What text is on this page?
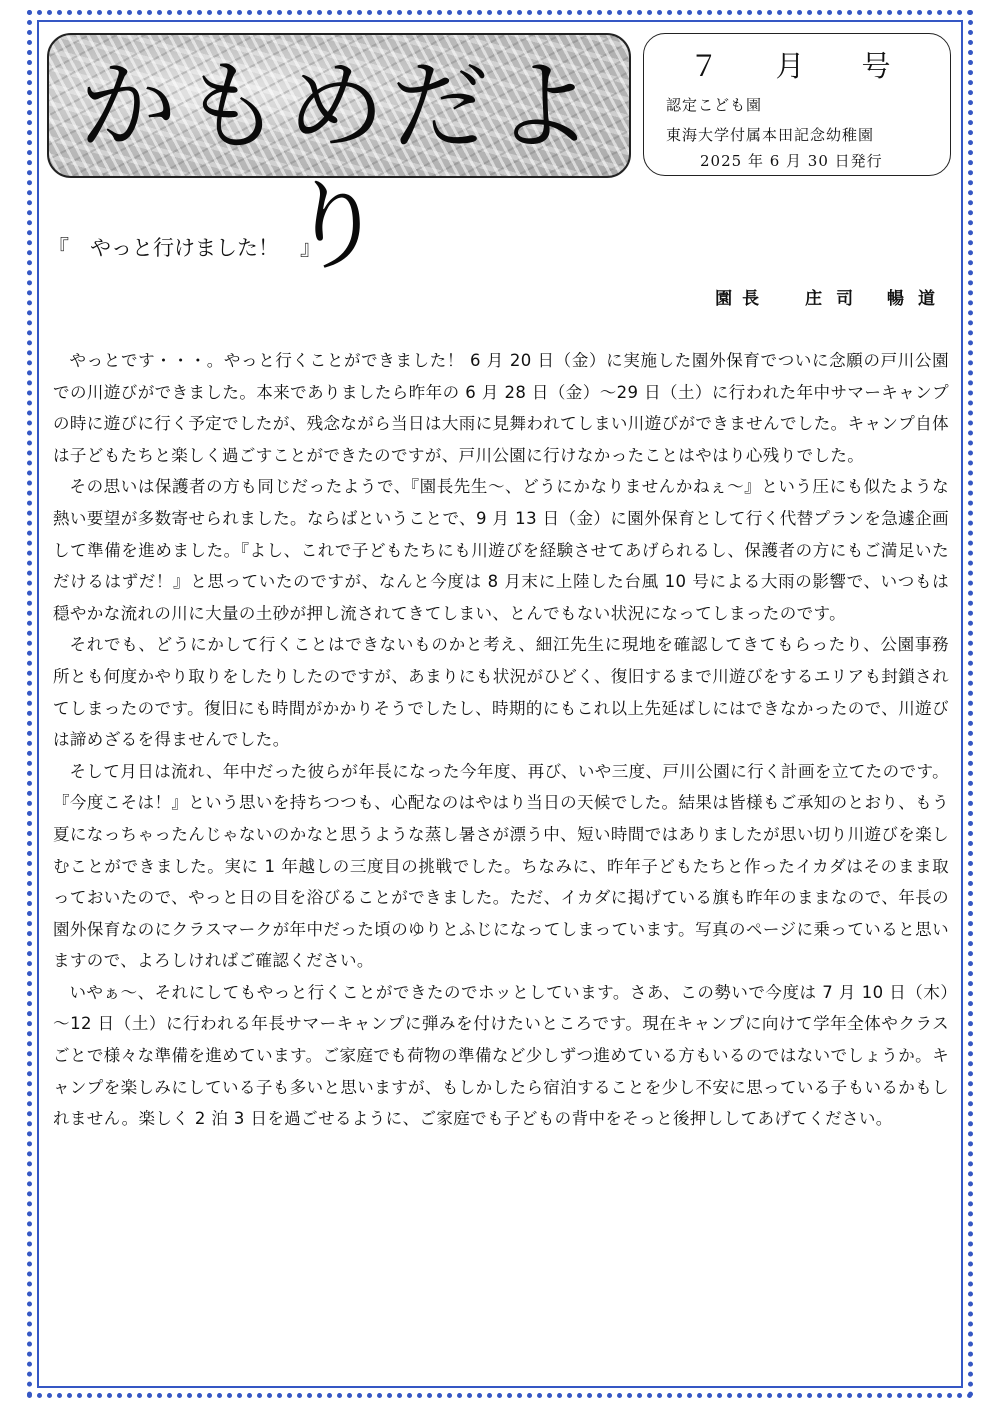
かもめだより
７　月　号
認定こども園
東海大学付属本田記念幼稚園
2025 年 6 月 30 日発行
『　やっと行けました！　』
園長 庄司 暢道

やっとです・・・。やっと行くことができました！ 6 月 20 日（金）に実施した園外保育でついに念願の戸川公園での川遊びができました。本来でありましたら昨年の 6 月 28 日（金）～29 日（土）に行われた年中サマーキャンプの時に遊びに行く予定でしたが、残念ながら当日は大雨に見舞われてしまい川遊びができませんでした。キャンプ自体は子どもたちと楽しく過ごすことができたのですが、戸川公園に行けなかったことはやはり心残りでした。

その思いは保護者の方も同じだったようで、『園長先生～、どうにかなりませんかねぇ～』という圧にも似たような熱い要望が多数寄せられました。ならばということで、9 月 13 日（金）に園外保育として行く代替プランを急遽企画して準備を進めました。『よし、これで子どもたちにも川遊びを経験させてあげられるし、保護者の方にもご満足いただけるはずだ！』と思っていたのですが、なんと今度は 8 月末に上陸した台風 10 号による大雨の影響で、いつもは穏やかな流れの川に大量の土砂が押し流されてきてしまい、とんでもない状況になってしまったのです。

それでも、どうにかして行くことはできないものかと考え、細江先生に現地を確認してきてもらったり、公園事務所とも何度かやり取りをしたりしたのですが、あまりにも状況がひどく、復旧するまで川遊びをするエリアも封鎖されてしまったのです。復旧にも時間がかかりそうでしたし、時期的にもこれ以上先延ばしにはできなかったので、川遊びは諦めざるを得ませんでした。

そして月日は流れ、年中だった彼らが年長になった今年度、再び、いや三度、戸川公園に行く計画を立てたのです。『今度こそは！』という思いを持ちつつも、心配なのはやはり当日の天候でした。結果は皆様もご承知のとおり、もう夏になっちゃったんじゃないのかなと思うような蒸し暑さが漂う中、短い時間ではありましたが思い切り川遊びを楽しむことができました。実に 1 年越しの三度目の挑戦でした。ちなみに、昨年子どもたちと作ったイカダはそのまま取っておいたので、やっと日の目を浴びることができました。ただ、イカダに掲げている旗も昨年のままなので、年長の園外保育なのにクラスマークが年中だった頃のゆりとふじになってしまっています。写真のページに乗っていると思いますので、よろしければご確認ください。

いやぁ～、それにしてもやっと行くことができたのでホッとしています。さあ、この勢いで今度は 7 月 10 日（木）～12 日（土）に行われる年長サマーキャンプに弾みを付けたいところです。現在キャンプに向けて学年全体やクラスごとで様々な準備を進めています。ご家庭でも荷物の準備など少しずつ進めている方もいるのではないでしょうか。キャンプを楽しみにしている子も多いと思いますが、もしかしたら宿泊することを少し不安に思っている子もいるかもしれません。楽しく 2 泊 3 日を過ごせるように、ご家庭でも子どもの背中をそっと後押ししてあげてください。
